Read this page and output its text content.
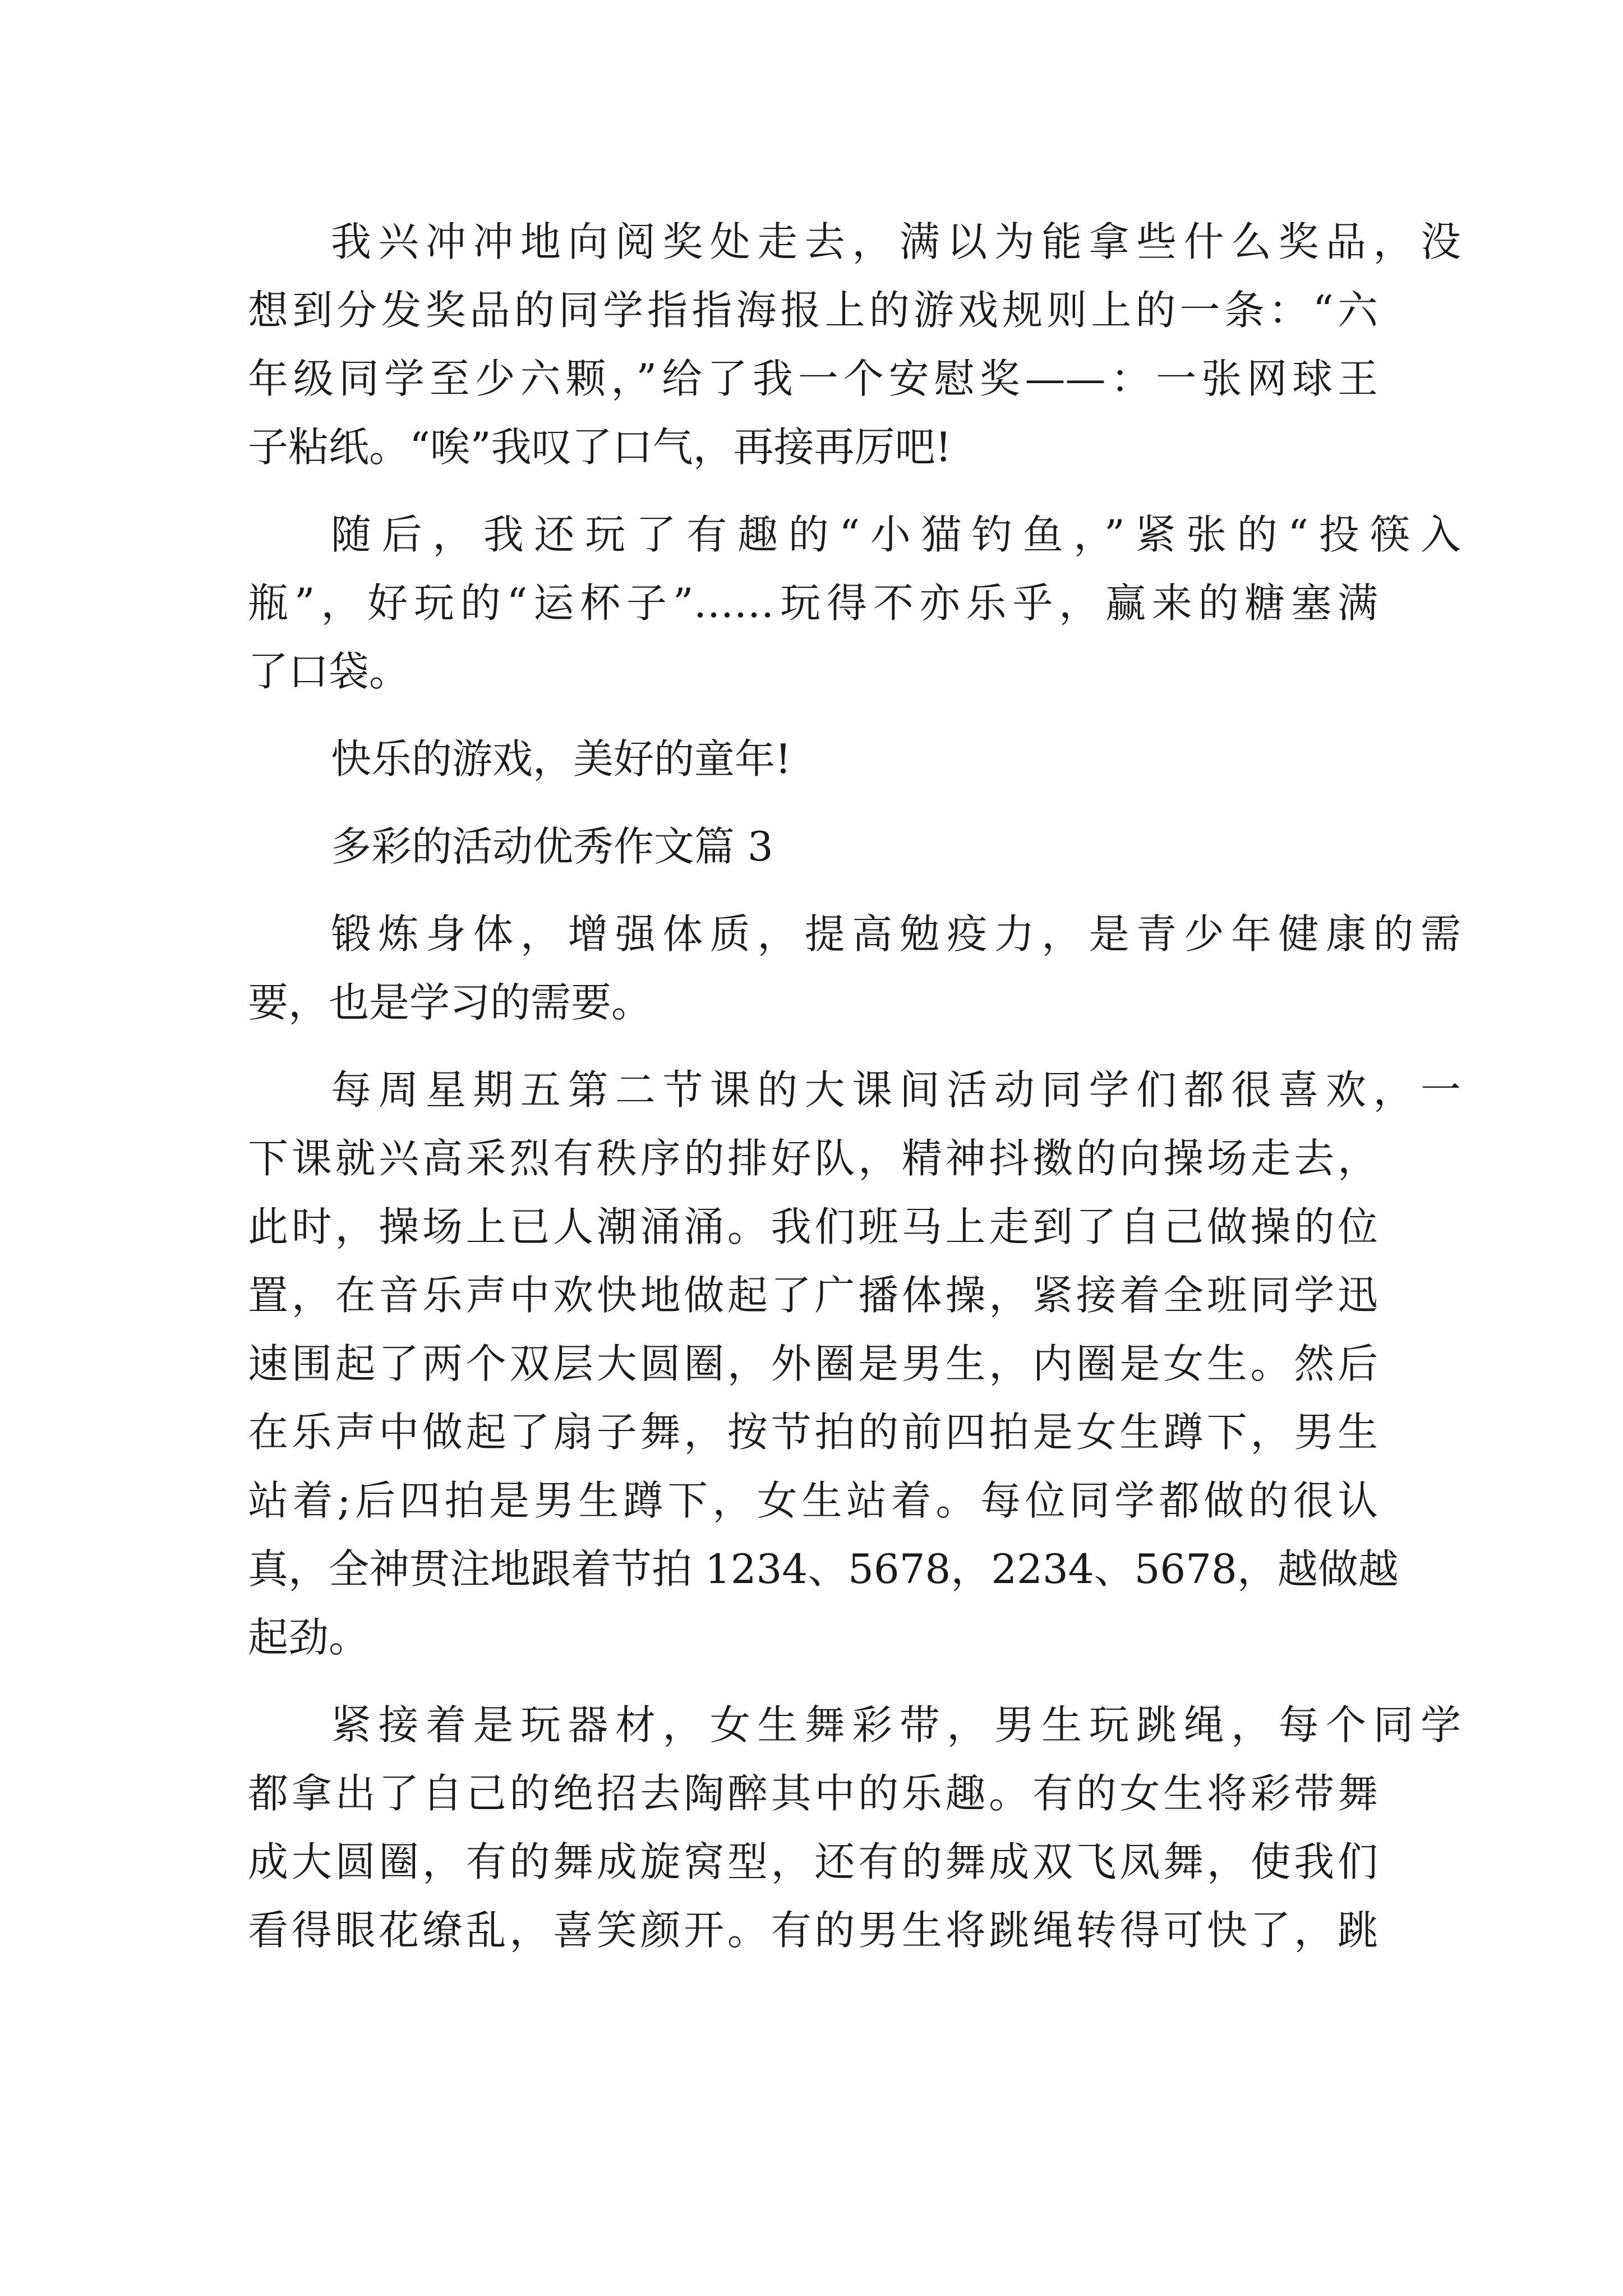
我兴冲冲地向阅奖处走去，满以为能拿些什么奖品，没
想到分发奖品的同学指指海报上的游戏规则上的一条：“六
年级同学至少六颗，”给了我一个安慰奖——：一张网球王
子粘纸。“唉”我叹了口气，再接再厉吧!
随后，我还玩了有趣的“小猫钓鱼，”紧张的“投筷入
瓶”，好玩的“运杯子”……玩得不亦乐乎，赢来的糖塞满
了口袋。
快乐的游戏，美好的童年!
多彩的活动优秀作文篇 3
锻炼身体，增强体质，提高勉疫力，是青少年健康的需
要，也是学习的需要。
每周星期五第二节课的大课间活动同学们都很喜欢，一
下课就兴高采烈有秩序的排好队，精神抖擞的向操场走去，
此时，操场上已人潮涌涌。我们班马上走到了自己做操的位
置，在音乐声中欢快地做起了广播体操，紧接着全班同学迅
速围起了两个双层大圆圈，外圈是男生，内圈是女生。然后
在乐声中做起了扇子舞，按节拍的前四拍是女生蹲下，男生
站着;后四拍是男生蹲下，女生站着。每位同学都做的很认
真，全神贯注地跟着节拍 1234、5678，2234、5678，越做越
起劲。
紧接着是玩器材，女生舞彩带，男生玩跳绳，每个同学
都拿出了自己的绝招去陶醉其中的乐趣。有的女生将彩带舞
成大圆圈，有的舞成旋窝型，还有的舞成双飞凤舞，使我们
看得眼花缭乱，喜笑颜开。有的男生将跳绳转得可快了，跳
